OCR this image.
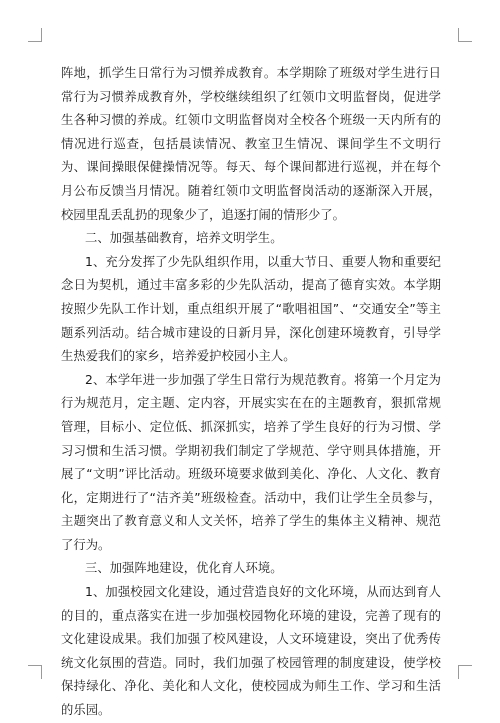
阵地，抓学生日常行为习惯养成教育。本学期除了班级对学生进行日常行为习惯养成教育外，学校继续组织了红领巾文明监督岗，促进学生各种习惯的养成。红领巾文明监督岗对全校各个班级一天内所有的情况进行巡查，包括晨读情况、教室卫生情况、课间学生不文明行为、课间操眼保健操情况等。每天、每个课间都进行巡视，并在每个月公布反馈当月情况。随着红领巾文明监督岗活动的逐渐深入开展，校园里乱丢乱扔的现象少了，追逐打闹的情形少了。

二、加强基础教育，培养文明学生。

1、充分发挥了少先队组织作用，以重大节日、重要人物和重要纪念日为契机，通过丰富多彩的少先队活动，提高了德育实效。本学期按照少先队工作计划，重点组织开展了“歌唱祖国”、“交通安全”等主题系列活动。结合城市建设的日新月异，深化创建环境教育，引导学生热爱我们的家乡，培养爱护校园小主人。

2、本学年进一步加强了学生日常行为规范教育。将第一个月定为行为规范月，定主题、定内容，开展实实在在的主题教育，狠抓常规管理，目标小、定位低、抓深抓实，培养了学生良好的行为习惯、学习习惯和生活习惯。学期初我们制定了学规范、学守则具体措施，开展了“文明”评比活动。班级环境要求做到美化、净化、人文化、教育化，定期进行了“洁齐美”班级检查。活动中，我们让学生全员参与，主题突出了教育意义和人文关怀，培养了学生的集体主义精神、规范了行为。

三、加强阵地建设，优化育人环境。

1、加强校园文化建设，通过营造良好的文化环境，从而达到育人的目的，重点落实在进一步加强校园物化环境的建设，完善了现有的文化建设成果。我们加强了校风建设，人文环境建设，突出了优秀传统文化氛围的营造。同时，我们加强了校园管理的制度建设，使学校保持绿化、净化、美化和人文化，使校园成为师生工作、学习和生活的乐园。
